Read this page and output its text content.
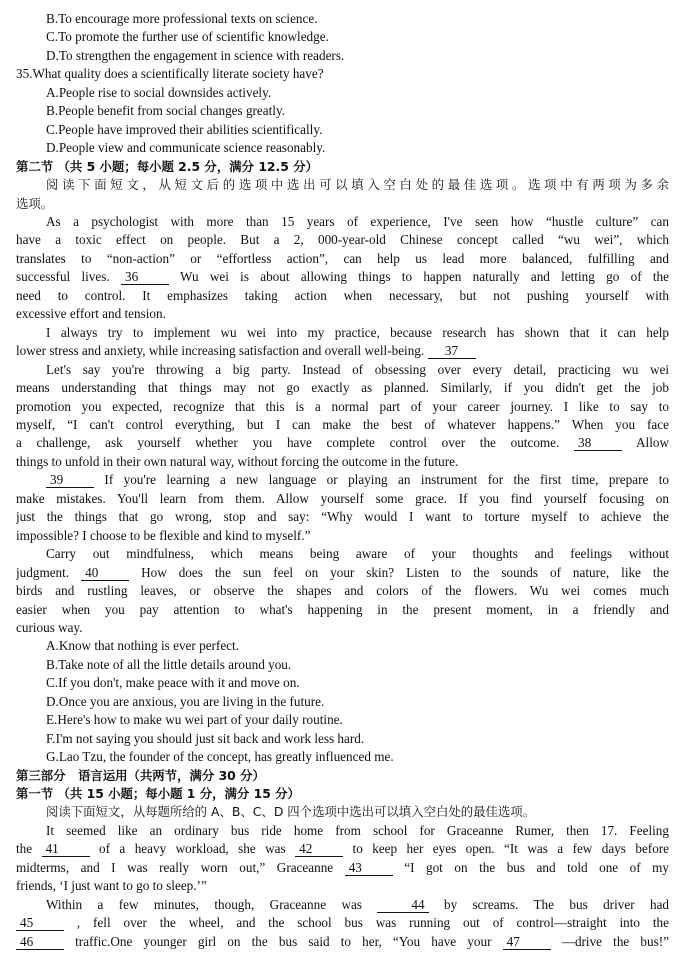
B.To encourage more professional texts on science.
C.To promote the further use of scientific knowledge.
D.To strengthen the engagement in science with readers.
35.What quality does a scientifically literate society have?
A.People rise to social downsides actively.
B.People benefit from social changes greatly.
C.People have improved their abilities scientifically.
D.People view and communicate science reasonably.
第二节 （共 5 小题；每小题 2.5 分，满分 12.5 分）
阅读下面短文，从短文后的选项中选出可以填入空白处的最佳选项。选项中有两项为多余
选项。
As a psychologist with more than 15 years of experience, I've seen how “hustle culture” can
have a toxic effect on people. But a 2, 000-year-old Chinese concept called “wu wei”, which
translates to “non-action” or “effortless action”, can help us lead more balanced, fulfilling and
successful lives. 36	Wu wei is about allowing things to happen naturally and letting go of the
need to control. It emphasizes taking action when necessary, but not pushing yourself with
excessive effort and tension.
I always try to implement wu wei into my practice, because research has shown that it can help
lower stress and anxiety, while increasing satisfaction and overall well-being. 37
Let's say you're throwing a big party. Instead of obsessing over every detail, practicing wu wei
means understanding that things may not go exactly as planned. Similarly, if you didn't get the job
promotion you expected, recognize that this is a normal part of your career journey. I like to say to
myself, “I can't control everything, but I can make the best of whatever happens.” When you face
a challenge, ask yourself whether you have complete control over the outcome. 38	Allow
things to unfold in their own natural way, without forcing the outcome in the future.
39	If you're learning a new language or playing an instrument for the first time, prepare to
make mistakes. You'll learn from them. Allow yourself some grace. If you find yourself focusing on
just the things that go wrong, stop and say: “Why would I want to torture myself to achieve the
impossible? I choose to be flexible and kind to myself.”
Carry out mindfulness, which means being aware of your thoughts and feelings without
judgment. 40	How does the sun feel on your skin? Listen to the sounds of nature, like the
birds and rustling leaves, or observe the shapes and colors of the flowers. Wu wei comes much
easier when you pay attention to what's happening in the present moment, in a friendly and
curious way.
A.Know that nothing is ever perfect.
B.Take note of all the little details around you.
C.If you don't, make peace with it and move on.
D.Once you are anxious, you are living in the future.
E.Here's how to make wu wei part of your daily routine.
F.I'm not saying you should just sit back and work less hard.
G.Lao Tzu, the founder of the concept, has greatly influenced me.
第三部分　语言运用（共两节，满分 30 分）
第一节 （共 15 小题；每小题 1 分，满分 15 分）
阅读下面短文，从每题所给的 A、B、C、D 四个选项中选出可以填入空白处的最佳选项。
It seemed like an ordinary bus ride home from school for Graceanne Rumer, then 17. Feeling
the 41	of a heavy workload, she was 42	to keep her eyes open. “It was a few days before
midterms, and I was really worn out,” Graceanne 43	“I got on the bus and told one of my
friends, ‘I just want to go to sleep.’”
Within a few minutes, though, Graceanne was	44 by screams. The bus driver had
45	, fell over the wheel, and the school bus was running out of control—straight into the
46	traffic.One younger girl on the bus said to her, “You have your 47	—drive the bus!”
